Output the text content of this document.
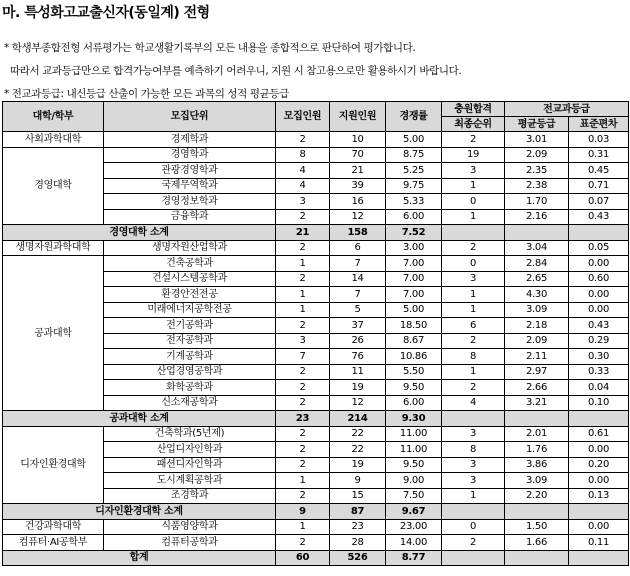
마. 특성화고교출신자(동일계) 전형
* 학생부종합전형 서류평가는 학교생활기록부의 모든 내용을 종합적으로 판단하여 평가합니다.
따라서 교과등급만으로 합격가능여부를 예측하기 어려우니, 지원 시 참고용으로만 활용하시기 바랍니다.
* 전교과등급: 내신등급 산출이 가능한 모든 과목의 성적 평균등급
대학/학부	모집단위	모집인원	지원인원	경쟁률	충원합격	전교과등급	
					최종순위	평균등급	표준편차
사회과학대학	경제학과	2	10	5.00	2	3.01	0.03
경영대학	경영학과	8	70	8.75	19	2.09	0.31
	관광경영학과	4	21	5.25	3	2.35	0.45
	국제무역학과	4	39	9.75	1	2.38	0.71
	경영정보학과	3	16	5.33	0	1.70	0.07
	금융학과	2	12	6.00	1	2.16	0.43
경영대학 소계		21	158	7.52			
생명자원과학대학	생명자원산업학과	2	6	3.00	2	3.04	0.05
공과대학	건축공학과	1	7	7.00	0	2.84	0.00
	건설시스템공학과	2	14	7.00	3	2.65	0.60
	환경안전전공	1	7	7.00	1	4.30	0.00
	미래에너지공학전공	1	5	5.00	1	3.09	0.00
	전기공학과	2	37	18.50	6	2.18	0.43
	전자공학과	3	26	8.67	2	2.09	0.29
	기계공학과	7	76	10.86	8	2.11	0.30
	산업경영공학과	2	11	5.50	1	2.97	0.33
	화학공학과	2	19	9.50	2	2.66	0.04
	신소재공학과	2	12	6.00	4	3.21	0.10
공과대학 소계		23	214	9.30			
디자인환경대학	건축학과(5년제)	2	22	11.00	3	2.01	0.61
	산업디자인학과	2	22	11.00	8	1.76	0.00
	패션디자인학과	2	19	9.50	3	3.86	0.20
	도시계획공학과	1	9	9.00	3	3.09	0.00
	조경학과	2	15	7.50	1	2.20	0.13
디자인환경대학 소계		9	87	9.67			
건강과학대학	식품영양학과	1	23	23.00	0	1.50	0.00
컴퓨터·AI공학부	컴퓨터공학과	2	28	14.00	2	1.66	0.11
합계		60	526	8.77			
